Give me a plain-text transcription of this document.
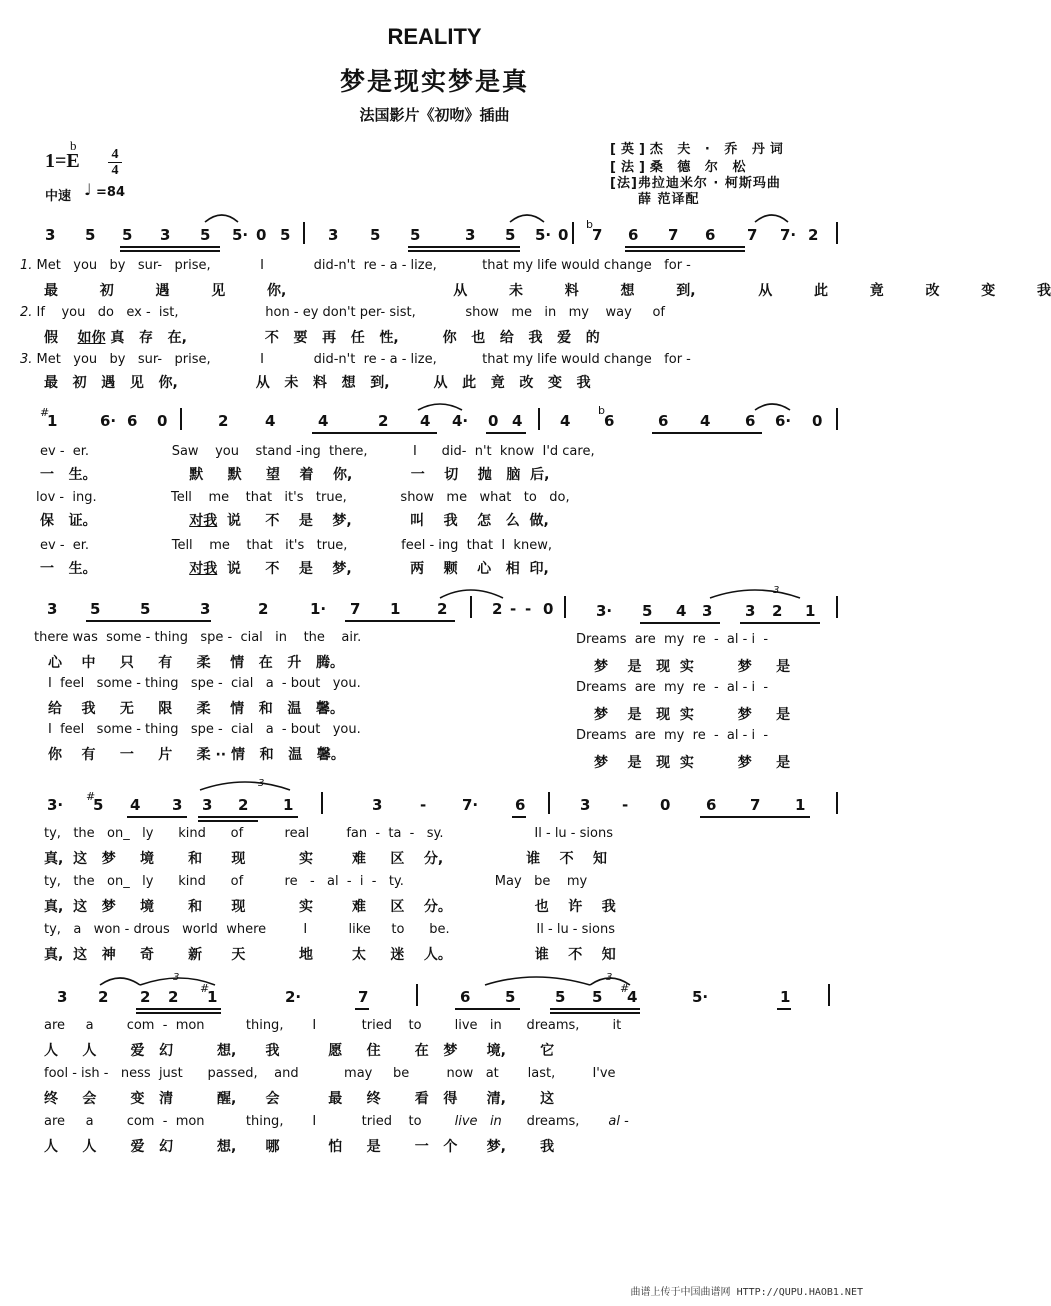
REALITY
梦是现实梦是真
法国影片《初吻》插曲
[英]杰 夫 · 乔 丹词
[法]桑 德 尔 松
[法]弗拉迪米尔 · 柯斯玛曲
薛 范译配
b
1=E 4
4
中速 ♩ =84
3
3
3	3
3 5 5 3 5 5· 0 5	3 5 5	3 5 5· 0
b
7 6 7 6 7 7· 2
1. Met   you   by   sur-   prise,            I            did-n't  re - a - lize,           that my life would change   for -
最  初  遇  见  你,        从  未  料  想  到,   从  此  竟  改  变  我
2. If    you   do   ex -  ist,                     hon - ey don't per- sist,            show   me   in   my    way     of
假    如你 真   存   在,                不   要   再   任   性,         你   也   给   我   爱   的
3. Met   you   by   sur-   prise,            I            did-n't  re - a - lize,           that my life would change   for -
最   初   遇   见   你,                从   未   料   想   到,         从   此   竟   改   变   我
#
1	6· 6 0	2 4	4	2 4 4· 0 4	4
b
6	6 4 6 6· 0
ev -  er.                    Saw    you    stand -ing  there,           I      did-  n't  know  I'd care,
一   生。                   默     默     望    着    你,            一    切    抛   脑  后,
lov -  ing.                  Tell    me    that   it's   true,             show   me   what   to   do,
保   证。                   对我  说     不    是    梦,            叫    我    怎   么  做,
ev -  er.                    Tell    me    that   it's   true,             feel - ing  that  I  knew,
一   生。                   对我  说     不    是    梦,            两    颗    心   相  印,
3 5	5	3	2	1· 7 1 2	2 - - 0	3· 5 4 3 3 2 1
there was  some - thing   spe -  cial   in    the    air.	Dreams  are  my  re  -  al - i  -
心    中     只     有     柔    情   在   升   腾。	梦    是   现  实         梦     是
I  feel   some - thing   spe -  cial   a  - bout   you.	Dreams  are  my  re  -  al - i  -
给    我     无     限     柔    情   和   温   馨。	梦    是   现  实         梦     是
I  feel   some - thing   spe -  cial   a  - bout   you.	Dreams  are  my  re  -  al - i  -
你    有     一     片     柔 ·· 情   和   温   馨。	梦    是   现  实         梦     是
3· #
5 4 3 3 2 1	3	- 7· 6	3 - 0 6 7 1
ty,   the   on_   ly      kind      of          real         fan  -  ta  -   sy.                      Il - lu - sions
真,  这   梦     境       和      现           实        难     区    分,                 谁    不    知
ty,   the   on_   ly      kind      of          re   -   al  -  i  -   ty.                      May   be    my
真,  这   梦     境       和      现           实        难     区    分。                 也    许    我
ty,   a   won - drous   world  where         I          like     to      be.                     Il - lu - sions
真,  这   神     奇       新      天           地        太     迷    人。                 谁    不    知
3 2 2 2 #
1	2·	7	6 5	5 5 #
4	5·	1
are     a        com  -  mon          thing,       I           tried    to        live   in      dreams,        it
人     人       爱   幻         想,      我          愿     住       在   梦      境,       它
fool - ish -   ness  just      passed,    and           may     be         now   at       last,         I've
终     会       变   清         醒,      会          最     终       看   得      清,       这
are     a        com  -  mon          thing,       I           tried    to        live in      dreams,       al -
人     人       爱   幻         想,      哪          怕     是       一   个      梦,       我
曲谱上传于中国曲谱网 HTTP://QUPU.HAOB1.NET
